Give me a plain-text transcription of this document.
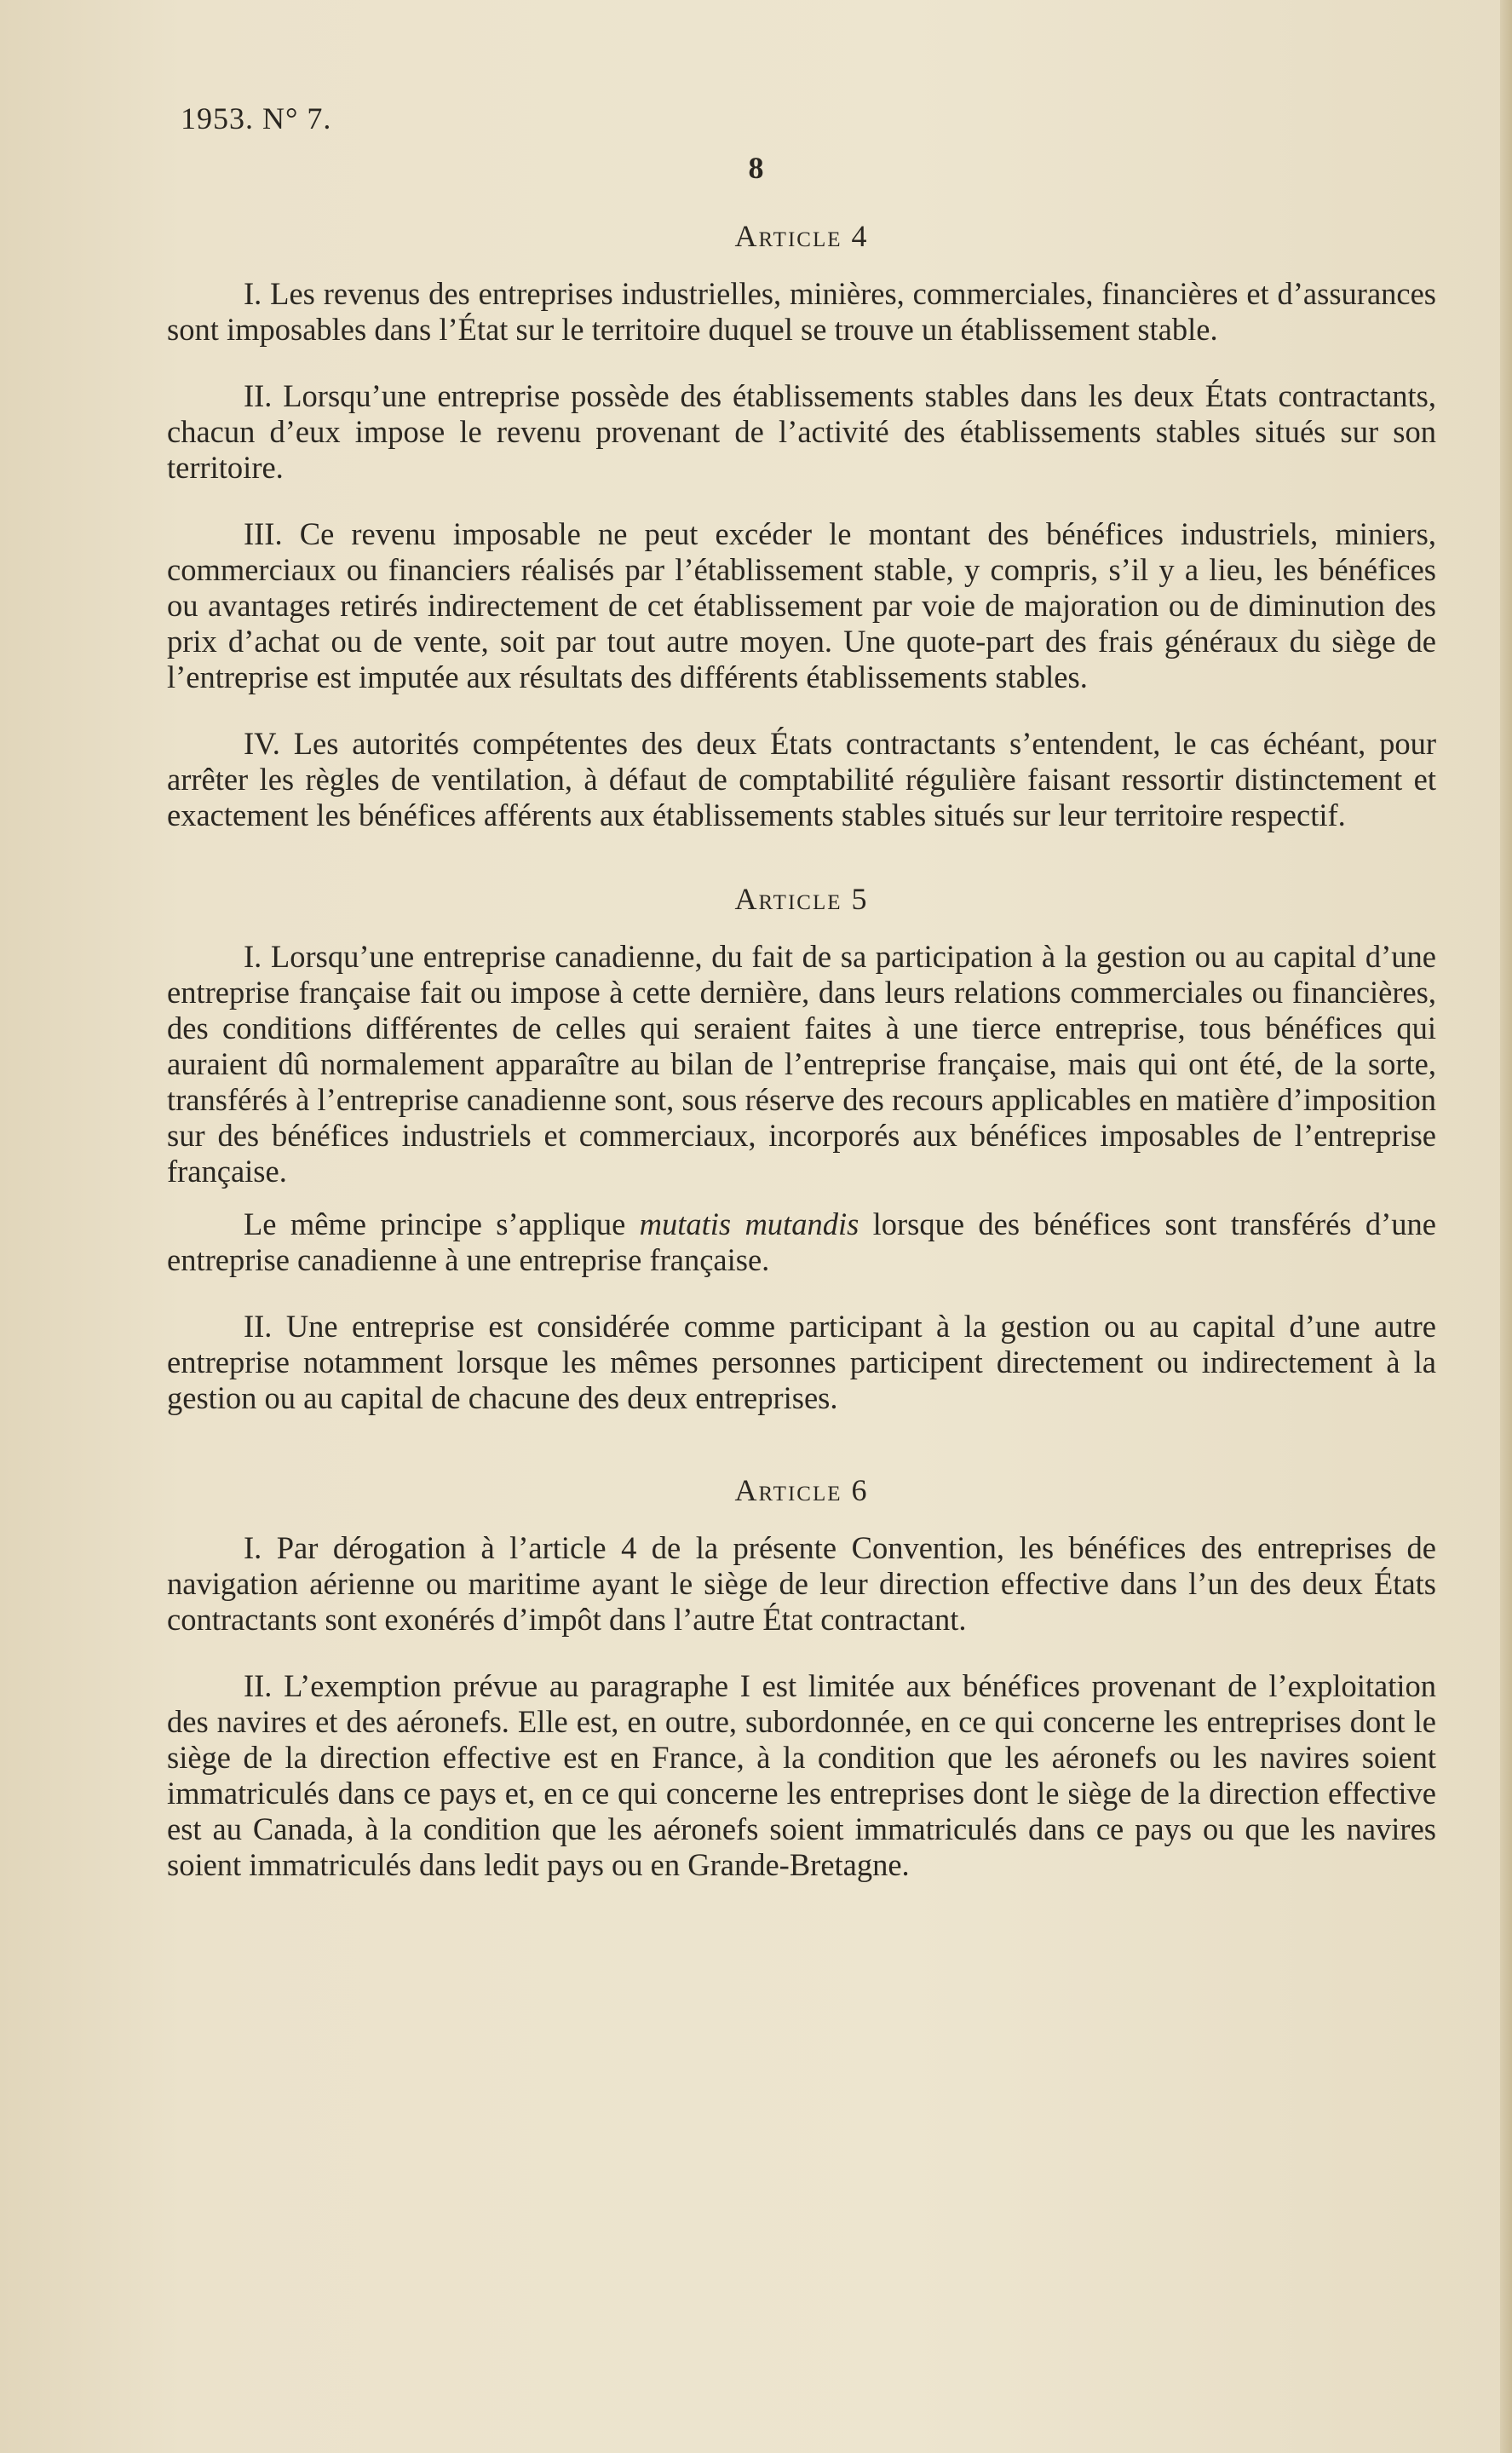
1953. N° 7.
8
Article 4

I. Les revenus des entreprises industrielles, minières, commerciales, financières et d’assurances sont imposables dans l’État sur le territoire duquel se trouve un établissement stable.

II. Lorsqu’une entreprise possède des établissements stables dans les deux États contractants, chacun d’eux impose le revenu provenant de l’activité des établissements stables situés sur son territoire.

III. Ce revenu imposable ne peut excéder le montant des bénéfices industriels, miniers, commerciaux ou financiers réalisés par l’établissement stable, y compris, s’il y a lieu, les bénéfices ou avantages retirés indirectement de cet établissement par voie de majoration ou de diminution des prix d’achat ou de vente, soit par tout autre moyen. Une quote-part des frais généraux du siège de l’entreprise est imputée aux résultats des différents établissements stables.

IV. Les autorités compétentes des deux États contractants s’entendent, le cas échéant, pour arrêter les règles de ventilation, à défaut de comptabilité régulière faisant ressortir distinctement et exactement les bénéfices afférents aux établissements stables situés sur leur territoire respectif.

Article 5

I. Lorsqu’une entreprise canadienne, du fait de sa participation à la gestion ou au capital d’une entreprise française fait ou impose à cette dernière, dans leurs relations commerciales ou financières, des conditions différentes de celles qui seraient faites à une tierce entreprise, tous bénéfices qui auraient dû normalement apparaître au bilan de l’entreprise française, mais qui ont été, de la sorte, transférés à l’entreprise canadienne sont, sous réserve des recours applicables en matière d’imposition sur des bénéfices industriels et commerciaux, incorporés aux bénéfices imposables de l’entreprise française.

Le même principe s’applique mutatis mutandis lorsque des bénéfices sont transférés d’une entreprise canadienne à une entreprise française.

II. Une entreprise est considérée comme participant à la gestion ou au capital d’une autre entreprise notamment lorsque les mêmes personnes participent directement ou indirectement à la gestion ou au capital de chacune des deux entreprises.

Article 6

I. Par dérogation à l’article 4 de la présente Convention, les bénéfices des entreprises de navigation aérienne ou maritime ayant le siège de leur direction effective dans l’un des deux États contractants sont exonérés d’impôt dans l’autre État contractant.

II. L’exemption prévue au paragraphe I est limitée aux bénéfices provenant de l’exploitation des navires et des aéronefs. Elle est, en outre, subordonnée, en ce qui concerne les entreprises dont le siège de la direction effective est en France, à la condition que les aéronefs ou les navires soient immatriculés dans ce pays et, en ce qui concerne les entreprises dont le siège de la direction effective est au Canada, à la condition que les aéronefs soient immatriculés dans ce pays ou que les navires soient immatriculés dans ledit pays ou en Grande-Bretagne.
